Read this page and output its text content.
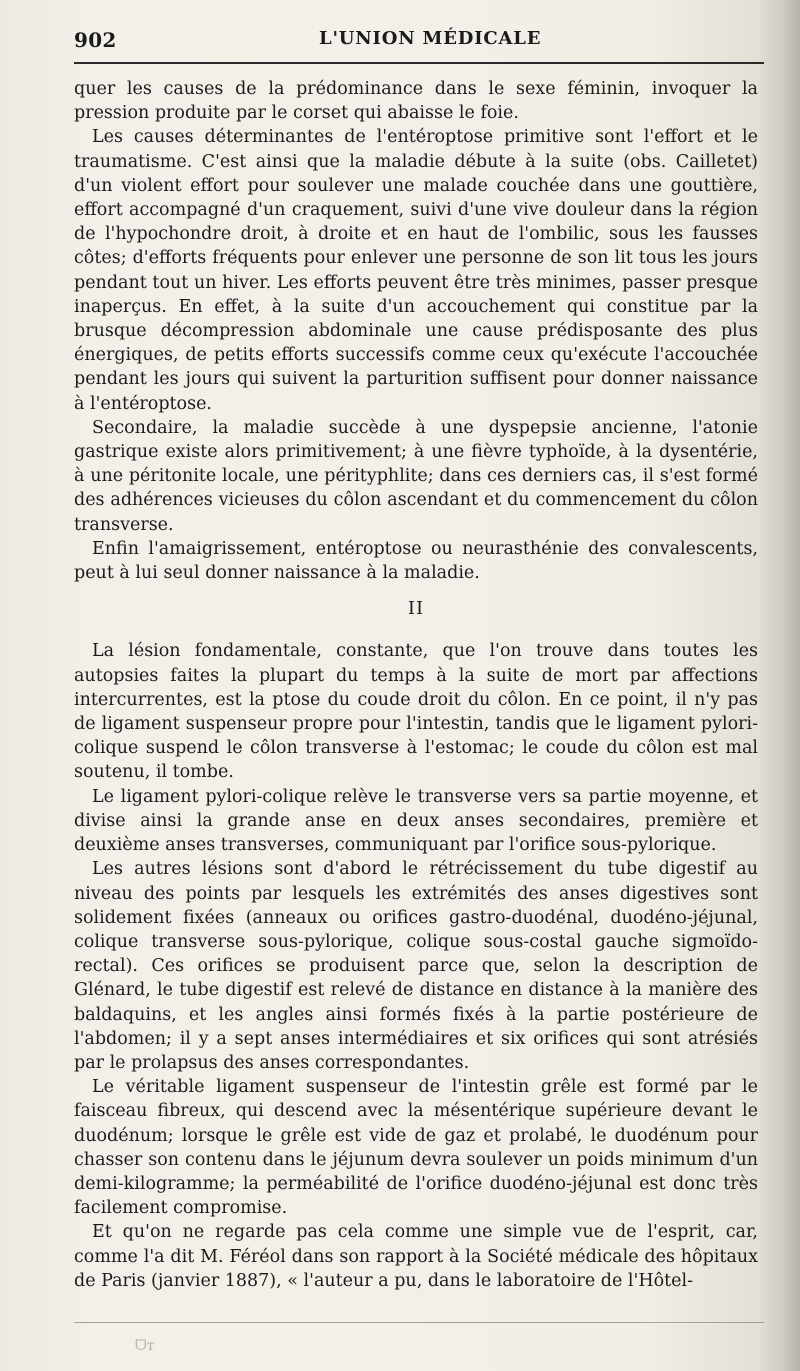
902	L'UNION MÉDICALE

quer les causes de la prédominance dans le sexe féminin, invoquer la pression produite par le corset qui abaisse le foie.

Les causes déterminantes de l'entéroptose primitive sont l'effort et le traumatisme. C'est ainsi que la maladie débute à la suite (obs. Cailletet) d'un violent effort pour soulever une malade couchée dans une gouttière, effort accompagné d'un craquement, suivi d'une vive douleur dans la région de l'hypochondre droit, à droite et en haut de l'ombilic, sous les fausses côtes; d'efforts fréquents pour enlever une personne de son lit tous les jours pendant tout un hiver. Les efforts peuvent être très minimes, passer presque inaperçus. En effet, à la suite d'un accouchement qui constitue par la brusque décompression abdominale une cause prédisposante des plus énergiques, de petits efforts successifs comme ceux qu'exécute l'accouchée pendant les jours qui suivent la parturition suffisent pour donner naissance à l'entéroptose.

Secondaire, la maladie succède à une dyspepsie ancienne, l'atonie gastrique existe alors primitivement; à une fièvre typhoïde, à la dysentérie, à une péritonite locale, une pérityphlite; dans ces derniers cas, il s'est formé des adhérences vicieuses du côlon ascendant et du commencement du côlon transverse.

Enfin l'amaigrissement, entéroptose ou neurasthénie des convalescents, peut à lui seul donner naissance à la maladie.

II

La lésion fondamentale, constante, que l'on trouve dans toutes les autopsies faites la plupart du temps à la suite de mort par affections intercurrentes, est la ptose du coude droit du côlon. En ce point, il n'y pas de ligament suspenseur propre pour l'intestin, tandis que le ligament pylori-colique suspend le côlon transverse à l'estomac; le coude du côlon est mal soutenu, il tombe.

Le ligament pylori-colique relève le transverse vers sa partie moyenne, et divise ainsi la grande anse en deux anses secondaires, première et deuxième anses transverses, communiquant par l'orifice sous-pylorique.

Les autres lésions sont d'abord le rétrécissement du tube digestif au niveau des points par lesquels les extrémités des anses digestives sont solidement fixées (anneaux ou orifices gastro-duodénal, duodéno-jéjunal, colique transverse sous-pylorique, colique sous-costal gauche sigmoïdo-rectal). Ces orifices se produisent parce que, selon la description de Glénard, le tube digestif est relevé de distance en distance à la manière des baldaquins, et les angles ainsi formés fixés à la partie postérieure de l'abdomen; il y a sept anses intermédiaires et six orifices qui sont atrésiés par le prolapsus des anses correspondantes.

Le véritable ligament suspenseur de l'intestin grêle est formé par le faisceau fibreux, qui descend avec la mésentérique supérieure devant le duodénum; lorsque le grêle est vide de gaz et prolabé, le duodénum pour chasser son contenu dans le jéjunum devra soulever un poids minimum d'un demi-kilogramme; la perméabilité de l'orifice duodéno-jéjunal est donc très facilement compromise.

Et qu'on ne regarde pas cela comme une simple vue de l'esprit, car, comme l'a dit M. Féréol dans son rapport à la Société médicale des hôpitaux de Paris (janvier 1887), « l'auteur a pu, dans le laboratoire de l'Hôtel-

ᗜᴛ
